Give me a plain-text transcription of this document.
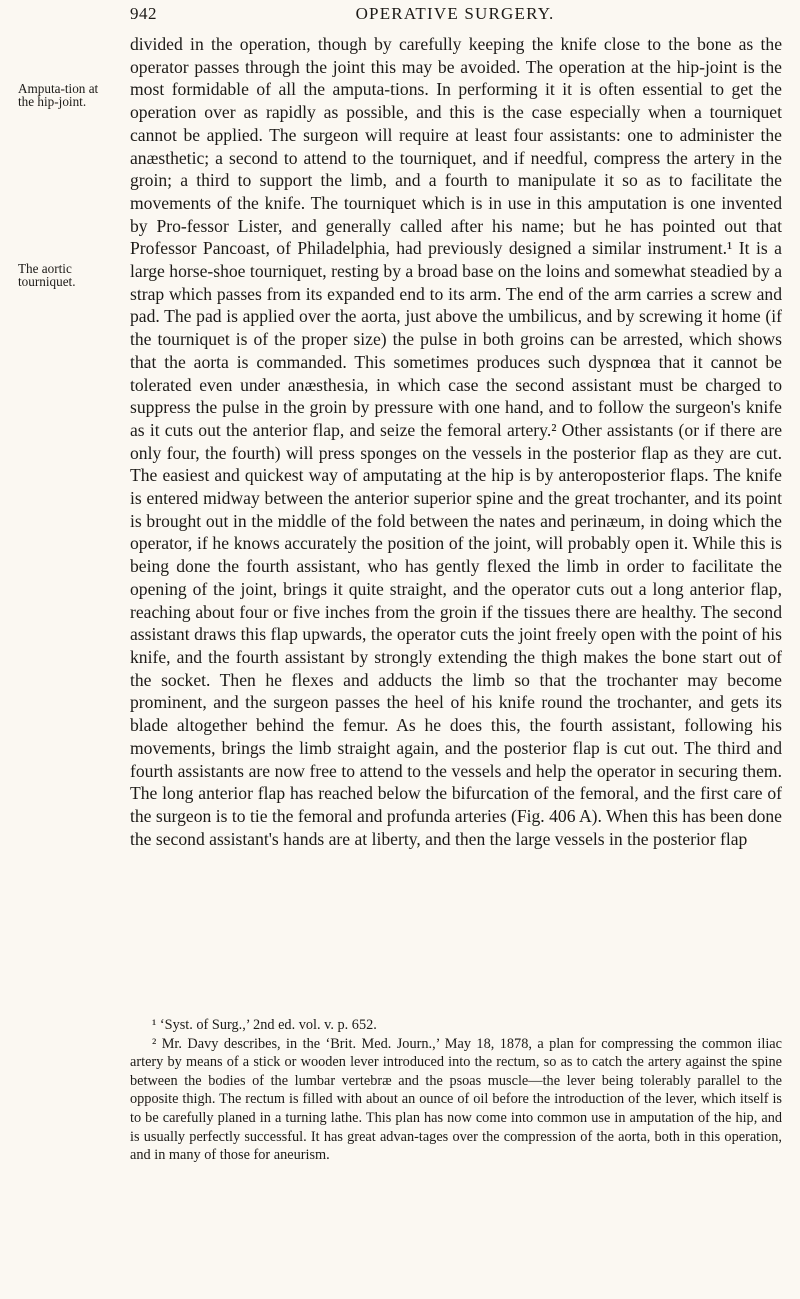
942	OPERATIVE SURGERY.
Amputa-tion at the hip-joint.
The aortic tourniquet.

divided in the operation, though by carefully keeping the knife close to the bone as the operator passes through the joint this may be avoided. The operation at the hip-joint is the most formidable of all the amputa-tions. In performing it it is often essential to get the operation over as rapidly as possible, and this is the case especially when a tourniquet cannot be applied. The surgeon will require at least four assistants: one to administer the anæsthetic; a second to attend to the tourniquet, and if needful, compress the artery in the groin; a third to support the limb, and a fourth to manipulate it so as to facilitate the movements of the knife. The tourniquet which is in use in this amputation is one invented by Pro-fessor Lister, and generally called after his name; but he has pointed out that Professor Pancoast, of Philadelphia, had previously designed a similar instrument.¹ It is a large horse-shoe tourniquet, resting by a broad base on the loins and somewhat steadied by a strap which passes from its expanded end to its arm. The end of the arm carries a screw and pad. The pad is applied over the aorta, just above the umbilicus, and by screwing it home (if the tourniquet is of the proper size) the pulse in both groins can be arrested, which shows that the aorta is commanded. This sometimes produces such dyspnœa that it cannot be tolerated even under anæsthesia, in which case the second assistant must be charged to suppress the pulse in the groin by pressure with one hand, and to follow the surgeon's knife as it cuts out the anterior flap, and seize the femoral artery.² Other assistants (or if there are only four, the fourth) will press sponges on the vessels in the posterior flap as they are cut. The easiest and quickest way of amputating at the hip is by anteroposterior flaps. The knife is entered midway between the anterior superior spine and the great trochanter, and its point is brought out in the middle of the fold between the nates and perinæum, in doing which the operator, if he knows accurately the position of the joint, will probably open it. While this is being done the fourth assistant, who has gently flexed the limb in order to facilitate the opening of the joint, brings it quite straight, and the operator cuts out a long anterior flap, reaching about four or five inches from the groin if the tissues there are healthy. The second assistant draws this flap upwards, the operator cuts the joint freely open with the point of his knife, and the fourth assistant by strongly extending the thigh makes the bone start out of the socket. Then he flexes and adducts the limb so that the trochanter may become prominent, and the surgeon passes the heel of his knife round the trochanter, and gets its blade altogether behind the femur. As he does this, the fourth assistant, following his movements, brings the limb straight again, and the posterior flap is cut out. The third and fourth assistants are now free to attend to the vessels and help the operator in securing them. The long anterior flap has reached below the bifurcation of the femoral, and the first care of the surgeon is to tie the femoral and profunda arteries (Fig. 406 A). When this has been done the second assistant's hands are at liberty, and then the large vessels in the posterior flap

¹ ‘Syst. of Surg.,’ 2nd ed. vol. v. p. 652.

² Mr. Davy describes, in the ‘Brit. Med. Journ.,’ May 18, 1878, a plan for compressing the common iliac artery by means of a stick or wooden lever introduced into the rectum, so as to catch the artery against the spine between the bodies of the lumbar vertebræ and the psoas muscle—the lever being tolerably parallel to the opposite thigh. The rectum is filled with about an ounce of oil before the introduction of the lever, which itself is to be carefully planed in a turning lathe. This plan has now come into common use in amputation of the hip, and is usually perfectly successful. It has great advan-tages over the compression of the aorta, both in this operation, and in many of those for aneurism.
